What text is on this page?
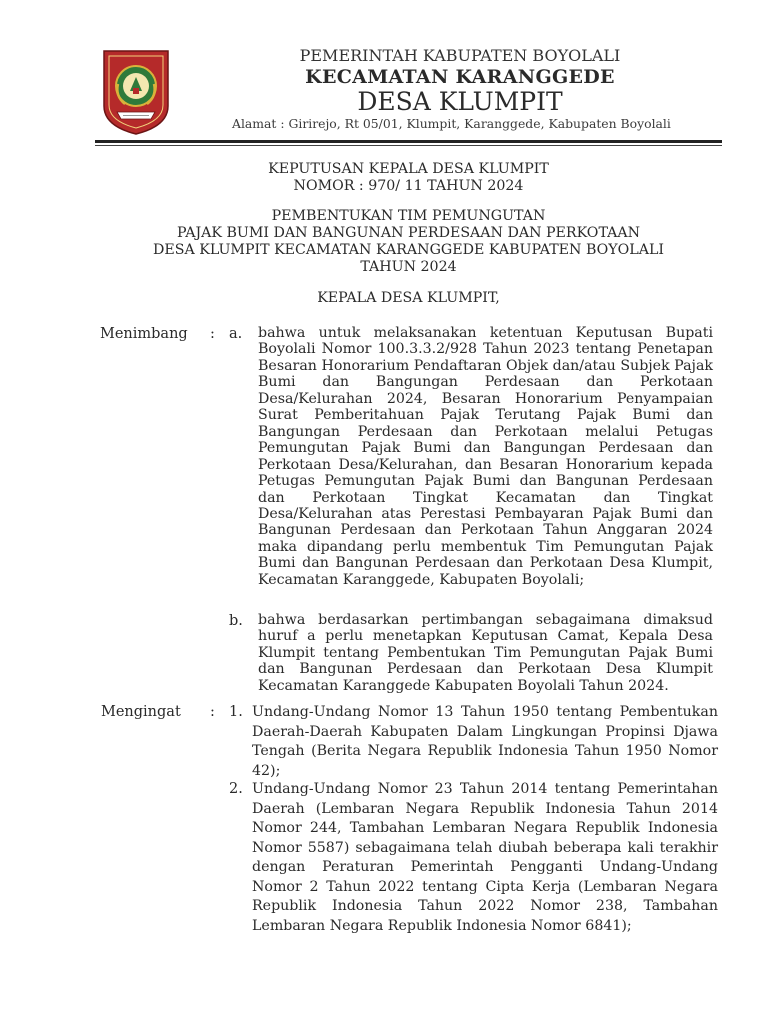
PEMERINTAH KABUPATEN BOYOLALI
KECAMATAN KARANGGEDE
DESA KLUMPIT
Alamat : Girirejo, Rt 05/01, Klumpit, Karanggede, Kabupaten Boyolali
KEPUTUSAN KEPALA DESA KLUMPIT
NOMOR : 970/ 11 TAHUN 2024
PEMBENTUKAN TIM PEMUNGUTAN
PAJAK BUMI DAN BANGUNAN PERDESAAN DAN PERKOTAAN
DESA KLUMPIT KECAMATAN KARANGGEDE KABUPATEN BOYOLALI
TAHUN 2024
KEPALA DESA KLUMPIT,
Menimbang : a. bahwa untuk melaksanakan ketentuan Keputusan Bupati Boyolali Nomor 100.3.3.2/928 Tahun 2023 tentang Penetapan Besaran Honorarium Pendaftaran Objek dan/atau Subjek Pajak Bumi dan Bangungan Perdesaan dan Perkotaan Desa/Kelurahan 2024, Besaran Honorarium Penyampaian Surat Pemberitahuan Pajak Terutang Pajak Bumi dan Bangungan Perdesaan dan Perkotaan melalui Petugas Pemungutan Pajak Bumi dan Bangungan Perdesaan dan Perkotaan Desa/Kelurahan, dan Besaran Honorarium kepada Petugas Pemungutan Pajak Bumi dan Bangunan Perdesaan dan Perkotaan Tingkat Kecamatan dan Tingkat Desa/Kelurahan atas Perestasi Pembayaran Pajak Bumi dan Bangunan Perdesaan dan Perkotaan Tahun Anggaran 2024 maka dipandang perlu membentuk Tim Pemungutan Pajak Bumi dan Bangunan Perdesaan dan Perkotaan Desa Klumpit, Kecamatan Karanggede, Kabupaten Boyolali;
b. bahwa berdasarkan pertimbangan sebagaimana dimaksud huruf a perlu menetapkan Keputusan Camat, Kepala Desa Klumpit tentang Pembentukan Tim Pemungutan Pajak Bumi dan Bangunan Perdesaan dan Perkotaan Desa Klumpit Kecamatan Karanggede Kabupaten Boyolali Tahun 2024.
Mengingat : 1. Undang-Undang Nomor 13 Tahun 1950 tentang Pembentukan Daerah-Daerah Kabupaten Dalam Lingkungan Propinsi Djawa Tengah (Berita Negara Republik Indonesia Tahun 1950 Nomor 42);
2. Undang-Undang Nomor 23 Tahun 2014 tentang Pemerintahan Daerah (Lembaran Negara Republik Indonesia Tahun 2014 Nomor 244, Tambahan Lembaran Negara Republik Indonesia Nomor 5587) sebagaimana telah diubah beberapa kali terakhir dengan Peraturan Pemerintah Pengganti Undang-Undang Nomor 2 Tahun 2022 tentang Cipta Kerja (Lembaran Negara Republik Indonesia Tahun 2022 Nomor 238, Tambahan Lembaran Negara Republik Indonesia Nomor 6841);
